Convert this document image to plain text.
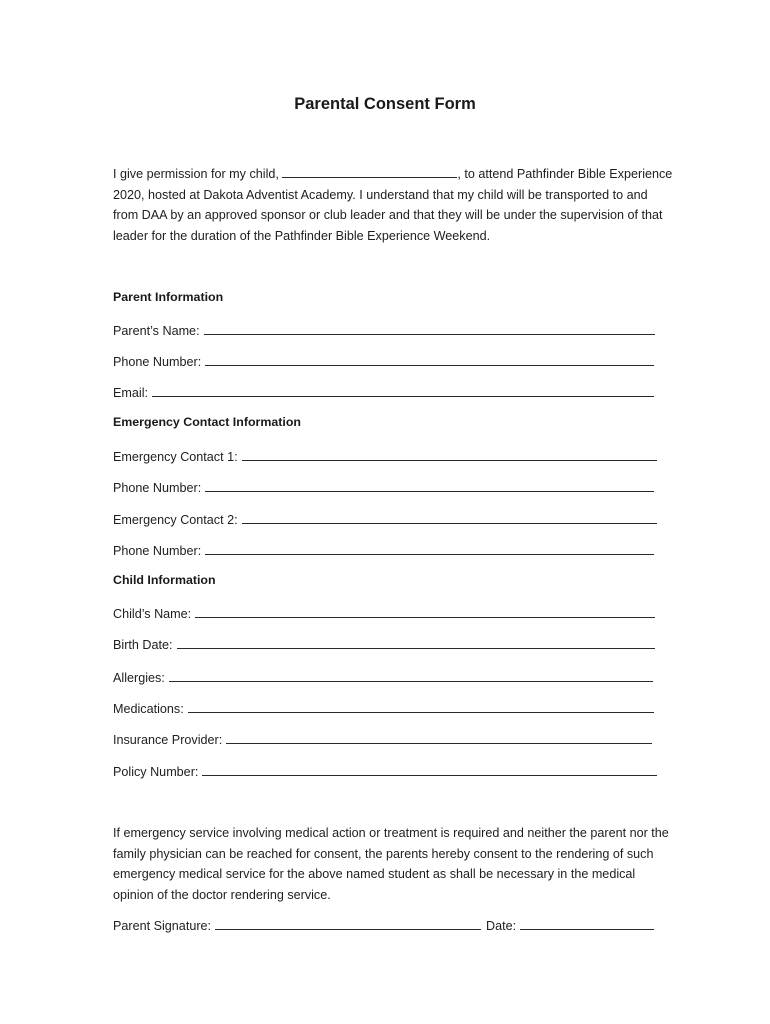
Parental Consent Form
I give permission for my child,	, to attend Pathfinder Bible Experience 2020, hosted at Dakota Adventist Academy. I understand that my child will be transported to and from DAA by an approved sponsor or club leader and that they will be under the supervision of that leader for the duration of the Pathfinder Bible Experience Weekend.
Parent Information
Parent’s Name:
Phone Number:
Email:
Emergency Contact Information
Emergency Contact 1:
Phone Number:
Emergency Contact 2:
Phone Number:
Child Information
Child’s Name:
Birth Date:
Allergies:
Medications:
Insurance Provider:
Policy Number:
If emergency service involving medical action or treatment is required and neither the parent nor the family physician can be reached for consent, the parents hereby consent to the rendering of such emergency medical service for the above named student as shall be necessary in the medical opinion of the doctor rendering service.
Parent Signature:	Date:
